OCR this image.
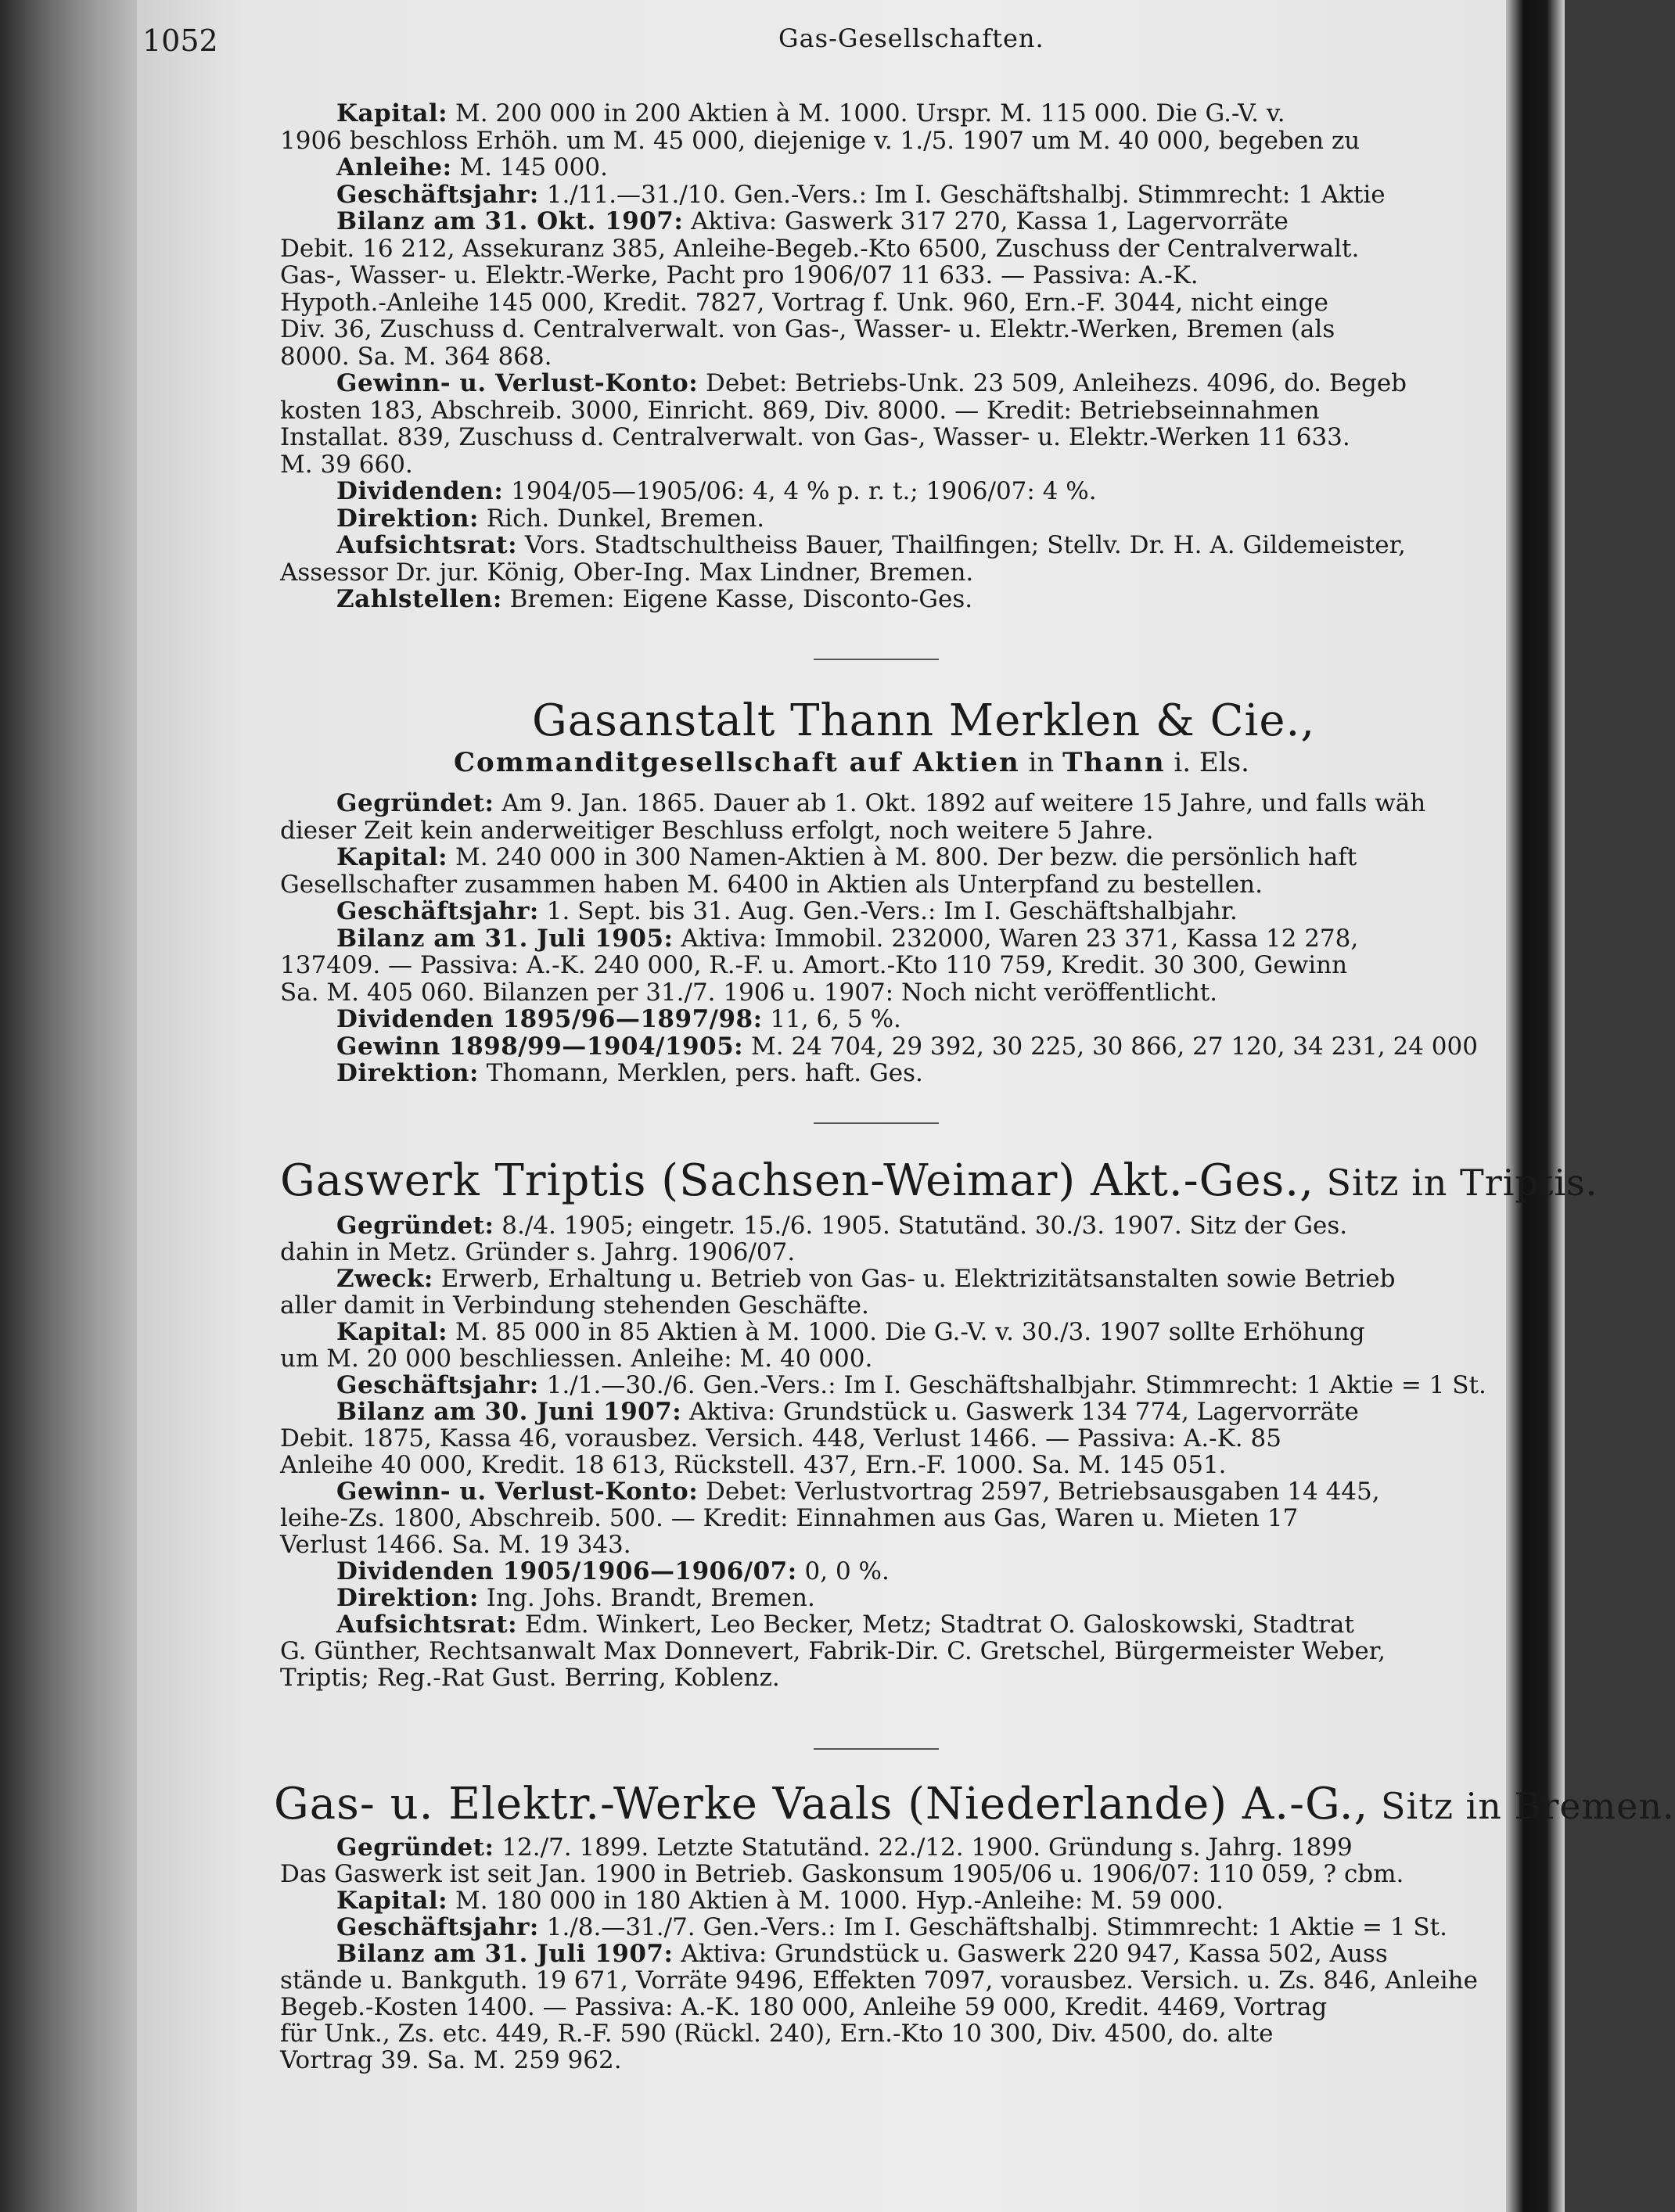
1052	Gas-Gesellschaften.
Kapital: M. 200 000 in 200 Aktien à M. 1000. Urspr. M. 115 000. Die G.-V. v.
1906 beschloss Erhöh. um M. 45 000, diejenige v. 1./5. 1907 um M. 40 000, begeben zu
Anleihe: M. 145 000.
Geschäftsjahr: 1./11.—31./10. Gen.-Vers.: Im I. Geschäftshalbj. Stimmrecht: 1 Aktie
Bilanz am 31. Okt. 1907: Aktiva: Gaswerk 317 270, Kassa 1, Lagervorräte
Debit. 16 212, Assekuranz 385, Anleihe-Begeb.-Kto 6500, Zuschuss der Centralverwalt.
Gas-, Wasser- u. Elektr.-Werke, Pacht pro 1906/07 11 633. — Passiva: A.-K.
Hypoth.-Anleihe 145 000, Kredit. 7827, Vortrag f. Unk. 960, Ern.-F. 3044, nicht einge
Div. 36, Zuschuss d. Centralverwalt. von Gas-, Wasser- u. Elektr.-Werken, Bremen (als
8000. Sa. M. 364 868.
Gewinn- u. Verlust-Konto: Debet: Betriebs-Unk. 23 509, Anleihezs. 4096, do. Begeb
kosten 183, Abschreib. 3000, Einricht. 869, Div. 8000. — Kredit: Betriebseinnahmen
Installat. 839, Zuschuss d. Centralverwalt. von Gas-, Wasser- u. Elektr.-Werken 11 633.
M. 39 660.
Dividenden: 1904/05—1905/06: 4, 4 % p. r. t.; 1906/07: 4 %.
Direktion: Rich. Dunkel, Bremen.
Aufsichtsrat: Vors. Stadtschultheiss Bauer, Thailfingen; Stellv. Dr. H. A. Gildemeister,
Assessor Dr. jur. König, Ober-Ing. Max Lindner, Bremen.
Zahlstellen: Bremen: Eigene Kasse, Disconto-Ges.
Gasanstalt Thann Merklen & Cie.,
Commanditgesellschaft auf Aktien in Thann i. Els.
Gegründet: Am 9. Jan. 1865. Dauer ab 1. Okt. 1892 auf weitere 15 Jahre, und falls wäh
dieser Zeit kein anderweitiger Beschluss erfolgt, noch weitere 5 Jahre.
Kapital: M. 240 000 in 300 Namen-Aktien à M. 800. Der bezw. die persönlich haft
Gesellschafter zusammen haben M. 6400 in Aktien als Unterpfand zu bestellen.
Geschäftsjahr: 1. Sept. bis 31. Aug. Gen.-Vers.: Im I. Geschäftshalbjahr.
Bilanz am 31. Juli 1905: Aktiva: Immobil. 232000, Waren 23 371, Kassa 12 278,
137409. — Passiva: A.-K. 240 000, R.-F. u. Amort.-Kto 110 759, Kredit. 30 300, Gewinn
Sa. M. 405 060. Bilanzen per 31./7. 1906 u. 1907: Noch nicht veröffentlicht.
Dividenden 1895/96—1897/98: 11, 6, 5 %.
Gewinn 1898/99—1904/1905: M. 24 704, 29 392, 30 225, 30 866, 27 120, 34 231, 24 000
Direktion: Thomann, Merklen, pers. haft. Ges.
Gaswerk Triptis (Sachsen-Weimar) Akt.-Ges., Sitz in Triptis.
Gegründet: 8./4. 1905; eingetr. 15./6. 1905. Statutänd. 30./3. 1907. Sitz der Ges.
dahin in Metz. Gründer s. Jahrg. 1906/07.
Zweck: Erwerb, Erhaltung u. Betrieb von Gas- u. Elektrizitätsanstalten sowie Betrieb
aller damit in Verbindung stehenden Geschäfte.
Kapital: M. 85 000 in 85 Aktien à M. 1000. Die G.-V. v. 30./3. 1907 sollte Erhöhung
um M. 20 000 beschliessen. Anleihe: M. 40 000.
Geschäftsjahr: 1./1.—30./6. Gen.-Vers.: Im I. Geschäftshalbjahr. Stimmrecht: 1 Aktie = 1 St.
Bilanz am 30. Juni 1907: Aktiva: Grundstück u. Gaswerk 134 774, Lagervorräte
Debit. 1875, Kassa 46, vorausbez. Versich. 448, Verlust 1466. — Passiva: A.-K. 85
Anleihe 40 000, Kredit. 18 613, Rückstell. 437, Ern.-F. 1000. Sa. M. 145 051.
Gewinn- u. Verlust-Konto: Debet: Verlustvortrag 2597, Betriebsausgaben 14 445,
leihe-Zs. 1800, Abschreib. 500. — Kredit: Einnahmen aus Gas, Waren u. Mieten 17
Verlust 1466. Sa. M. 19 343.
Dividenden 1905/1906—1906/07: 0, 0 %.
Direktion: Ing. Johs. Brandt, Bremen.
Aufsichtsrat: Edm. Winkert, Leo Becker, Metz; Stadtrat O. Galoskowski, Stadtrat
G. Günther, Rechtsanwalt Max Donnevert, Fabrik-Dir. C. Gretschel, Bürgermeister Weber,
Triptis; Reg.-Rat Gust. Berring, Koblenz.
Gas- u. Elektr.-Werke Vaals (Niederlande) A.-G., Sitz in Bremen.
Gegründet: 12./7. 1899. Letzte Statutänd. 22./12. 1900. Gründung s. Jahrg. 1899
Das Gaswerk ist seit Jan. 1900 in Betrieb. Gaskonsum 1905/06 u. 1906/07: 110 059, ? cbm.
Kapital: M. 180 000 in 180 Aktien à M. 1000. Hyp.-Anleihe: M. 59 000.
Geschäftsjahr: 1./8.—31./7. Gen.-Vers.: Im I. Geschäftshalbj. Stimmrecht: 1 Aktie = 1 St.
Bilanz am 31. Juli 1907: Aktiva: Grundstück u. Gaswerk 220 947, Kassa 502, Auss
stände u. Bankguth. 19 671, Vorräte 9496, Effekten 7097, vorausbez. Versich. u. Zs. 846, Anleihe
Begeb.-Kosten 1400. — Passiva: A.-K. 180 000, Anleihe 59 000, Kredit. 4469, Vortrag
für Unk., Zs. etc. 449, R.-F. 590 (Rückl. 240), Ern.-Kto 10 300, Div. 4500, do. alte
Vortrag 39. Sa. M. 259 962.
